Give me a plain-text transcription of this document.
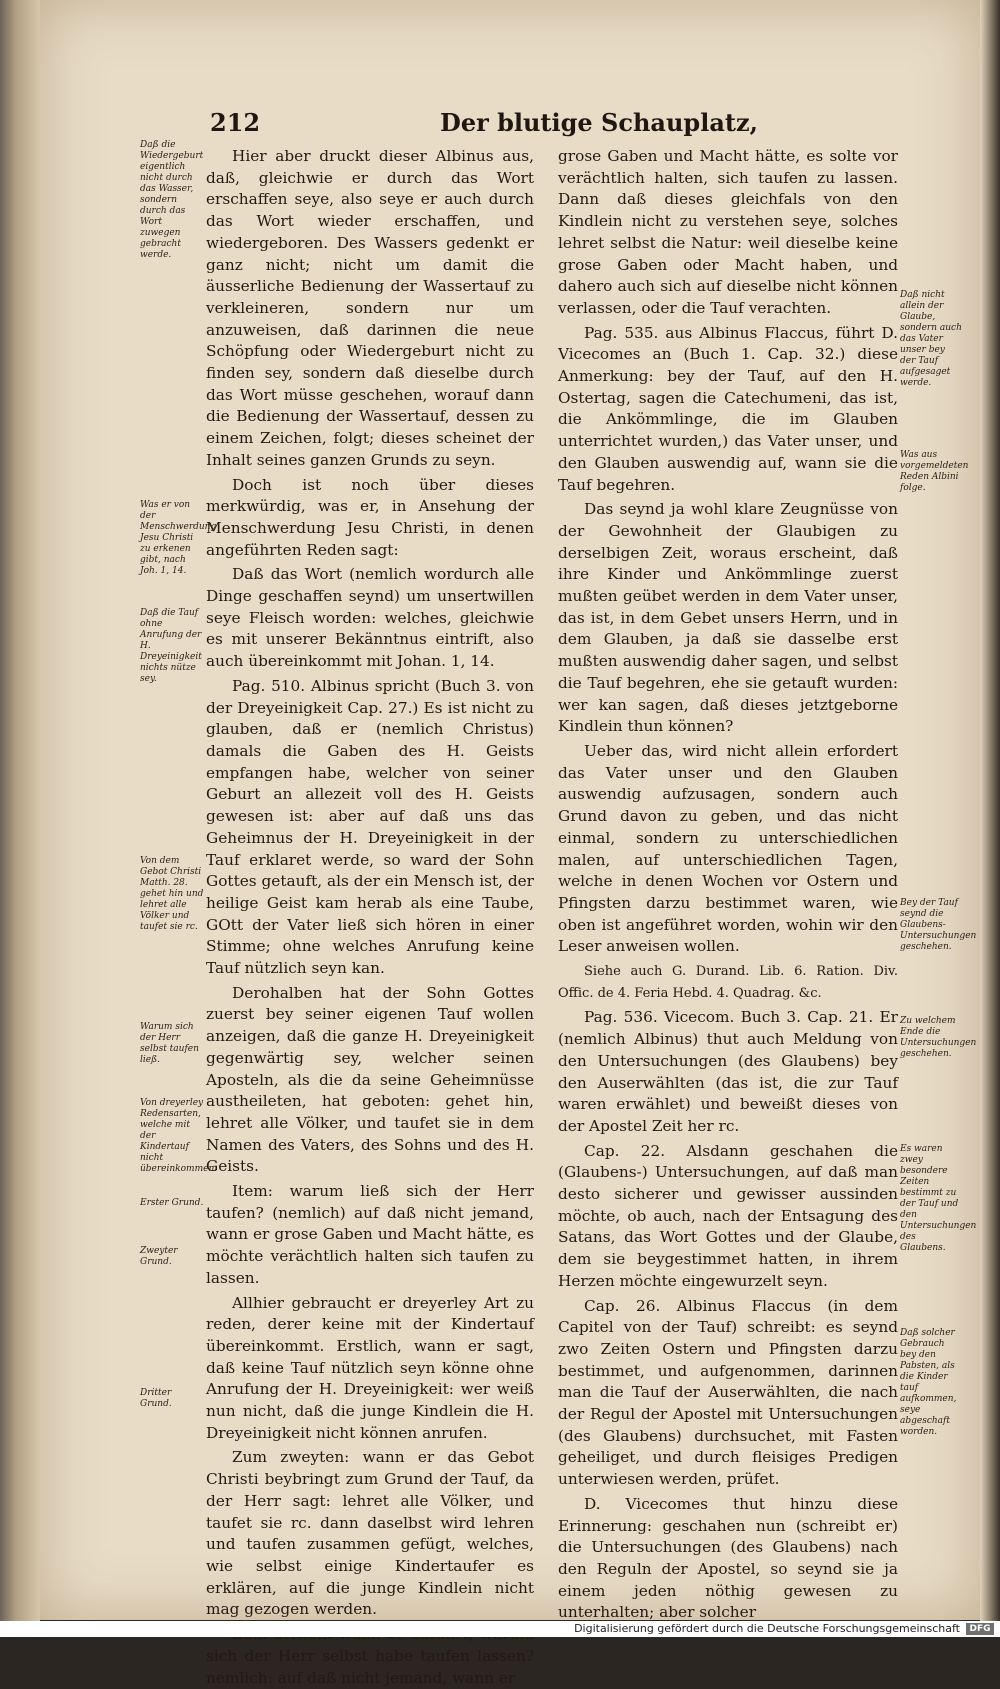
212	Der blutige Schauplatz,

Hier aber druckt dieser Albinus aus, daß, gleichwie er durch das Wort erschaffen seye, also seye er auch durch das Wort wieder erschaffen, und wiedergeboren. Des Wassers gedenkt er ganz nicht; nicht um damit die äusserliche Bedienung der Wassertauf zu verkleineren, sondern nur um anzuweisen, daß darinnen die neue Schöpfung oder Wiedergeburt nicht zu finden sey, sondern daß dieselbe durch das Wort müsse geschehen, worauf dann die Bedienung der Wassertauf, dessen zu einem Zeichen, folgt; dieses scheinet der Inhalt seines ganzen Grunds zu seyn.

Doch ist noch über dieses merkwürdig, was er, in Ansehung der Menschwerdung Jesu Christi, in denen angeführten Reden sagt:

Daß das Wort (nemlich wordurch alle Dinge geschaffen seynd) um unsertwillen seye Fleisch worden: welches, gleichwie es mit unserer Bekänntnus eintrift, also auch übereinkommt mit Johan. 1, 14.

Pag. 510. Albinus spricht (Buch 3. von der Dreyeinigkeit Cap. 27.) Es ist nicht zu glauben, daß er (nemlich Christus) damals die Gaben des H. Geists empfangen habe, welcher von seiner Geburt an allezeit voll des H. Geists gewesen ist: aber auf daß uns das Geheimnus der H. Dreyeinigkeit in der Tauf erklaret werde, so ward der Sohn Gottes getauft, als der ein Mensch ist, der heilige Geist kam herab als eine Taube, GOtt der Vater ließ sich hören in einer Stimme; ohne welches Anrufung keine Tauf nützlich seyn kan.

Derohalben hat der Sohn Gottes zuerst bey seiner eigenen Tauf wollen anzeigen, daß die ganze H. Dreyeinigkeit gegenwärtig sey, welcher seinen Aposteln, als die da seine Geheimnüsse austheileten, hat geboten: gehet hin, lehret alle Völker, und taufet sie in dem Namen des Vaters, des Sohns und des H. Geists.

Item: warum ließ sich der Herr taufen? (nemlich) auf daß nicht jemand, wann er grose Gaben und Macht hätte, es möchte verächtlich halten sich taufen zu lassen.

Allhier gebraucht er dreyerley Art zu reden, derer keine mit der Kindertauf übereinkommt. Erstlich, wann er sagt, daß keine Tauf nützlich seyn könne ohne Anrufung der H. Dreyeinigkeit: wer weiß nun nicht, daß die junge Kindlein die H. Dreyeinigkeit nicht können anrufen.

Zum zweyten: wann er das Gebot Christi beybringt zum Grund der Tauf, da der Herr sagt: lehret alle Völker, und taufet sie rc. dann daselbst wird lehren und taufen zusammen gefügt, welches, wie selbst einige Kindertaufer es erklären, auf die junge Kindlein nicht mag gezogen werden.

sich der Herr selbst habe taufen lassen? nemlich: auf daß nicht jemand, wann er

grose Gaben und Macht hätte, es solte vor verächtlich halten, sich taufen zu lassen. Dann daß dieses gleichfals von den Kindlein nicht zu verstehen seye, solches lehret selbst die Natur: weil dieselbe keine grose Gaben oder Macht haben, und dahero auch sich auf dieselbe nicht können verlassen, oder die Tauf verachten.

Pag. 535. aus Albinus Flaccus, führt D. Vicecomes an (Buch 1. Cap. 32.) diese Anmerkung: bey der Tauf, auf den H. Ostertag, sagen die Catechumeni, das ist, die Ankömmlinge, die im Glauben unterrichtet wurden,) das Vater unser, und den Glauben auswendig auf, wann sie die Tauf begehren.

Das seynd ja wohl klare Zeugnüsse von der Gewohnheit der Glaubigen zu derselbigen Zeit, woraus erscheint, daß ihre Kinder und Ankömmlinge zuerst mußten geübet werden in dem Vater unser, das ist, in dem Gebet unsers Herrn, und in dem Glauben, ja daß sie dasselbe erst mußten auswendig daher sagen, und selbst die Tauf begehren, ehe sie getauft wurden: wer kan sagen, daß dieses jetztgeborne Kindlein thun können?

Ueber das, wird nicht allein erfordert das Vater unser und den Glauben auswendig aufzusagen, sondern auch Grund davon zu geben, und das nicht einmal, sondern zu unterschiedlichen malen, auf unterschiedlichen Tagen, welche in denen Wochen vor Ostern und Pfingsten darzu bestimmet waren, wie oben ist angeführet worden, wohin wir den Leser anweisen wollen.

Siehe auch G. Durand. Lib. 6. Ration. Div. Offic. de 4. Feria Hebd. 4. Quadrag. &c.

Pag. 536. Vicecom. Buch 3. Cap. 21. Er (nemlich Albinus) thut auch Meldung von den Untersuchungen (des Glaubens) bey den Auserwählten (das ist, die zur Tauf waren erwählet) und beweißt dieses von der Apostel Zeit her rc.

Cap. 22. Alsdann geschahen die (Glaubens-) Untersuchungen, auf daß man desto sicherer und gewisser aussinden möchte, ob auch, nach der Entsagung des Satans, das Wort Gottes und der Glaube, dem sie beygestimmet hatten, in ihrem Herzen möchte eingewurzelt seyn.

Cap. 26. Albinus Flaccus (in dem Capitel von der Tauf) schreibt: es seynd zwo Zeiten Ostern und Pfingsten darzu bestimmet, und aufgenommen, darinnen man die Tauf der Auserwählten, die nach der Regul der Apostel mit Untersuchungen (des Glaubens) durchsuchet, mit Fasten geheiliget, und durch fleisiges Predigen unterwiesen werden, prüfet.

D. Vicecomes thut hinzu diese Erinnerung: geschahen nun (schreibt er) die Untersuchungen (des Glaubens) nach den Reguln der Apostel, so seynd sie ja einem jeden nöthig gewesen zu unterhalten; aber solcher

Daß die Wiedergeburt eigentlich nicht durch das Wasser, sondern durch das Wort zuwegen gebracht werde.
Was er von der Menschwerdung Jesu Christi zu erkenen gibt, nach Joh. 1, 14.
Daß die Tauf ohne Anrufung der H. Dreyeinigkeit nichts nütze sey.
Von dem Gebot Christi Matth. 28. gehet hin und lehret alle Völker und taufet sie rc.
Warum sich der Herr selbst taufen ließ.
Von dreyerley Redensarten, welche mit der Kindertauf nicht übereinkommen.
Erster Grund.
Zweyter Grund.
Dritter Grund.
Daß nicht allein der Glaube, sondern auch das Vater unser bey der Tauf aufgesaget werde.
Was aus vorgemeldeten Reden Albini folge.
Bey der Tauf seynd die Glaubens-Untersuchungen geschehen.
Zu welchem Ende die Untersuchungen geschehen.
Es waren zwey besondere Zeiten bestimmt zu der Tauf und den Untersuchungen des Glaubens.
Daß solcher Gebrauch bey den Pabsten, als die Kinder tauf aufkommen, seye abgeschaft worden.
Digitalisierung gefördert durch die Deutsche Forschungsgemeinschaft	DFG
